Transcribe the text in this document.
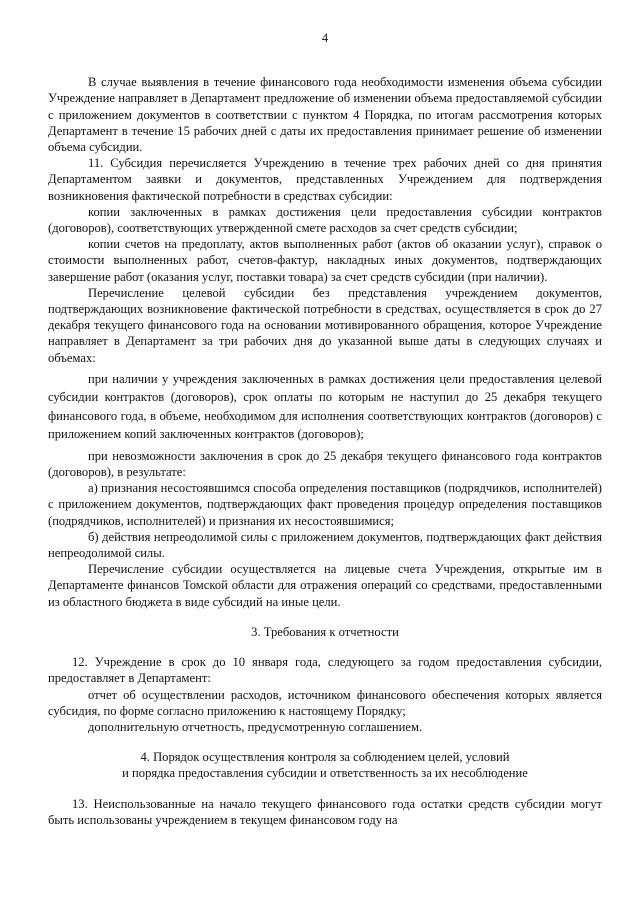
4

В случае выявления в течение финансового года необходимости изменения объема субсидии Учреждение направляет в Департамент предложение об изменении объема предоставляемой субсидии с приложением документов в соответствии с пунктом 4 Порядка, по итогам рассмотрения которых Департамент в течение 15 рабочих дней с даты их предоставления принимает решение об изменении объема субсидии.

11. Субсидия перечисляется Учреждению в течение трех рабочих дней со дня принятия Департаментом заявки и документов, представленных Учреждением для подтверждения возникновения фактической потребности в средствах субсидии:

копии заключенных в рамках достижения цели предоставления субсидии контрактов (договоров), соответствующих утвержденной смете расходов за счет средств субсидии;

копии счетов на предоплату, актов выполненных работ (актов об оказании услуг), справок о стоимости выполненных работ, счетов-фактур, накладных иных документов, подтверждающих завершение работ (оказания услуг, поставки товара) за счет средств субсидии (при наличии).

Перечисление целевой субсидии без представления учреждением документов, подтверждающих возникновение фактической потребности в средствах, осуществляется в срок до 27 декабря текущего финансового года на основании мотивированного обращения, которое Учреждение направляет в Департамент за три рабочих дня до указанной выше даты в следующих случаях и объемах:

при наличии у учреждения заключенных в рамках достижения цели предоставления целевой субсидии контрактов (договоров), срок оплаты по которым не наступил до 25 декабря текущего финансового года, в объеме, необходимом для исполнения соответствующих контрактов (договоров) с приложением копий заключенных контрактов (договоров);

при невозможности заключения в срок до 25 декабря текущего финансового года контрактов (договоров), в результате:

а) признания несостоявшимся способа определения поставщиков (подрядчиков, исполнителей) с приложением документов, подтверждающих факт проведения процедур определения поставщиков (подрядчиков, исполнителей) и признания их несостоявшимися;

б) действия непреодолимой силы с приложением документов, подтверждающих факт действия непреодолимой силы.

Перечисление субсидии осуществляется на лицевые счета Учреждения, открытые им в Департаменте финансов Томской области для отражения операций со средствами, предоставленными из областного бюджета в виде субсидий на иные цели.

3. Требования к отчетности

12. Учреждение в срок до 10 января года, следующего за годом предоставления субсидии, предоставляет в Департамент:

отчет об осуществлении расходов, источником финансового обеспечения которых является субсидия, по форме согласно приложению к настоящему Порядку;

дополнительную отчетность, предусмотренную соглашением.

4. Порядок осуществления контроля за соблюдением целей, условий
и порядка предоставления субсидии и ответственность за их несоблюдение

13. Неиспользованные на начало текущего финансового года остатки средств субсидии могут быть использованы учреждением в текущем финансовом году на
